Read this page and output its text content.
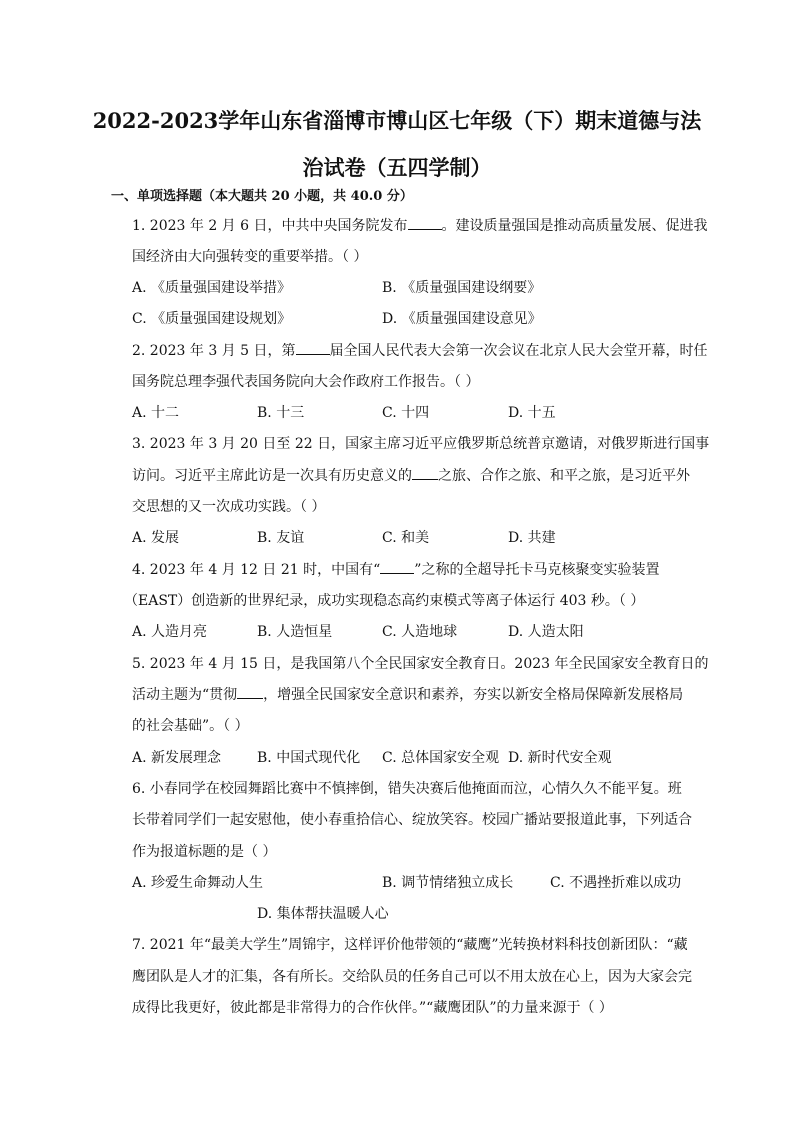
2022-2023学年山东省淄博市博山区七年级（下）期末道德与法
治试卷（五四学制）
一、单项选择题（本大题共 20 小题，共 40.0 分）
1. 2023 年 2 月 6 日，中共中央国务院发布 。建设质量强国是推动高质量发展、促进我
国经济由大向强转变的重要举措。（ ）
A. 《质量强国建设举措》	B. 《质量强国建设纲要》
C. 《质量强国建设规划》	D. 《质量强国建设意见》
2. 2023 年 3 月 5 日，第 届全国人民代表大会第一次会议在北京人民大会堂开幕，时任
国务院总理李强代表国务院向大会作政府工作报告。（ ）
A. 十二	B. 十三	C. 十四	D. 十五
3. 2023 年 3 月 20 日至 22 日，国家主席习近平应俄罗斯总统普京邀请，对俄罗斯进行国事
访问。习近平主席此访是一次具有历史意义的 之旅、合作之旅、和平之旅，是习近平外
交思想的又一次成功实践。（ ）
A. 发展	B. 友谊	C. 和美	D. 共建
4. 2023 年 4 月 12 日 21 时，中国有“ ”之称的全超导托卡马克核聚变实验装置
（EAST）创造新的世界纪录，成功实现稳态高约束模式等离子体运行 403 秒。（ ）
A. 人造月亮	B. 人造恒星	C. 人造地球	D. 人造太阳
5. 2023 年 4 月 15 日，是我国第八个全民国家安全教育日。2023 年全民国家安全教育日的
活动主题为“贯彻 ，增强全民国家安全意识和素养，夯实以新安全格局保障新发展格局
的社会基础”。（ ）
A. 新发展理念	B. 中国式现代化 C. 总体国家安全观 D. 新时代安全观
6. 小春同学在校园舞蹈比赛中不慎摔倒，错失决赛后他掩面而泣，心情久久不能平复。班
长带着同学们一起安慰他，使小春重拾信心、绽放笑容。校园广播站要报道此事，下列适合
作为报道标题的是（ ）
A. 珍爱生命舞动人生	B. 调节情绪独立成长	C. 不遇挫折难以成功
D. 集体帮扶温暖人心
7. 2021 年“最美大学生”周锦宇，这样评价他带领的“藏鹰”光转换材料科技创新团队：“藏
鹰团队是人才的汇集，各有所长。交给队员的任务自己可以不用太放在心上，因为大家会完
成得比我更好，彼此都是非常得力的合作伙伴。”“藏鹰团队”的力量来源于（ ）
